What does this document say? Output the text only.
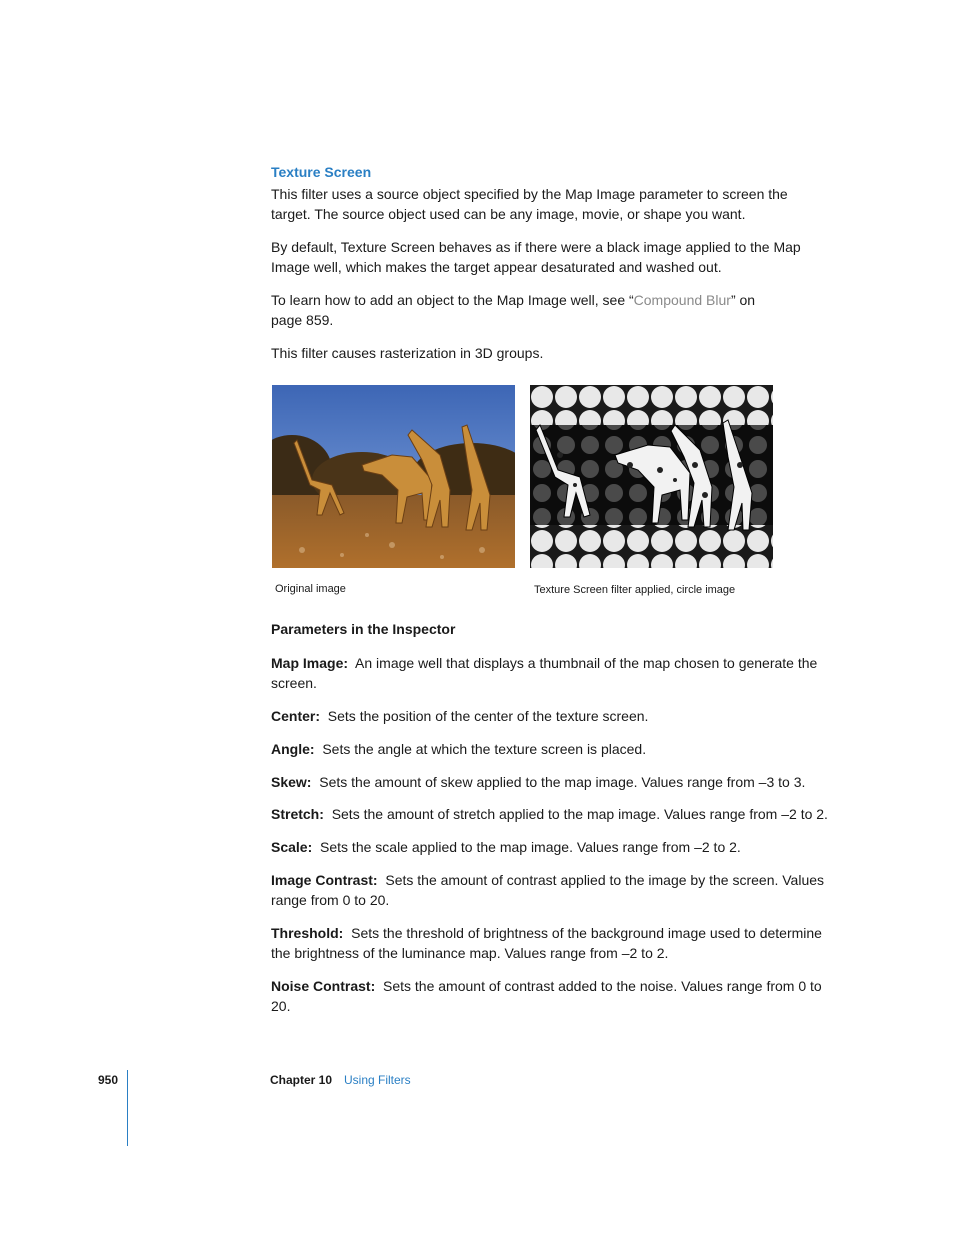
Texture Screen

This filter uses a source object specified by the Map Image parameter to screen the target. The source object used can be any image, movie, or shape you want.

By default, Texture Screen behaves as if there were a black image applied to the Map Image well, which makes the target appear desaturated and washed out.

To learn how to add an object to the Map Image well, see “Compound Blur” on page 859.

This filter causes rasterization in 3D groups.

Original image	Texture Screen filter applied, circle image
Parameters in the Inspector

Map Image: An image well that displays a thumbnail of the map chosen to generate the screen.

Center: Sets the position of the center of the texture screen.

Angle: Sets the angle at which the texture screen is placed.

Skew: Sets the amount of skew applied to the map image. Values range from –3 to 3.

Stretch: Sets the amount of stretch applied to the map image. Values range from –2 to 2.

Scale: Sets the scale applied to the map image. Values range from –2 to 2.

Image Contrast: Sets the amount of contrast applied to the image by the screen. Values range from 0 to 20.

Threshold: Sets the threshold of brightness of the background image used to determine the brightness of the luminance map. Values range from –2 to 2.

Noise Contrast: Sets the amount of contrast added to the noise. Values range from 0 to 20.

950	Chapter 10 Using Filters
